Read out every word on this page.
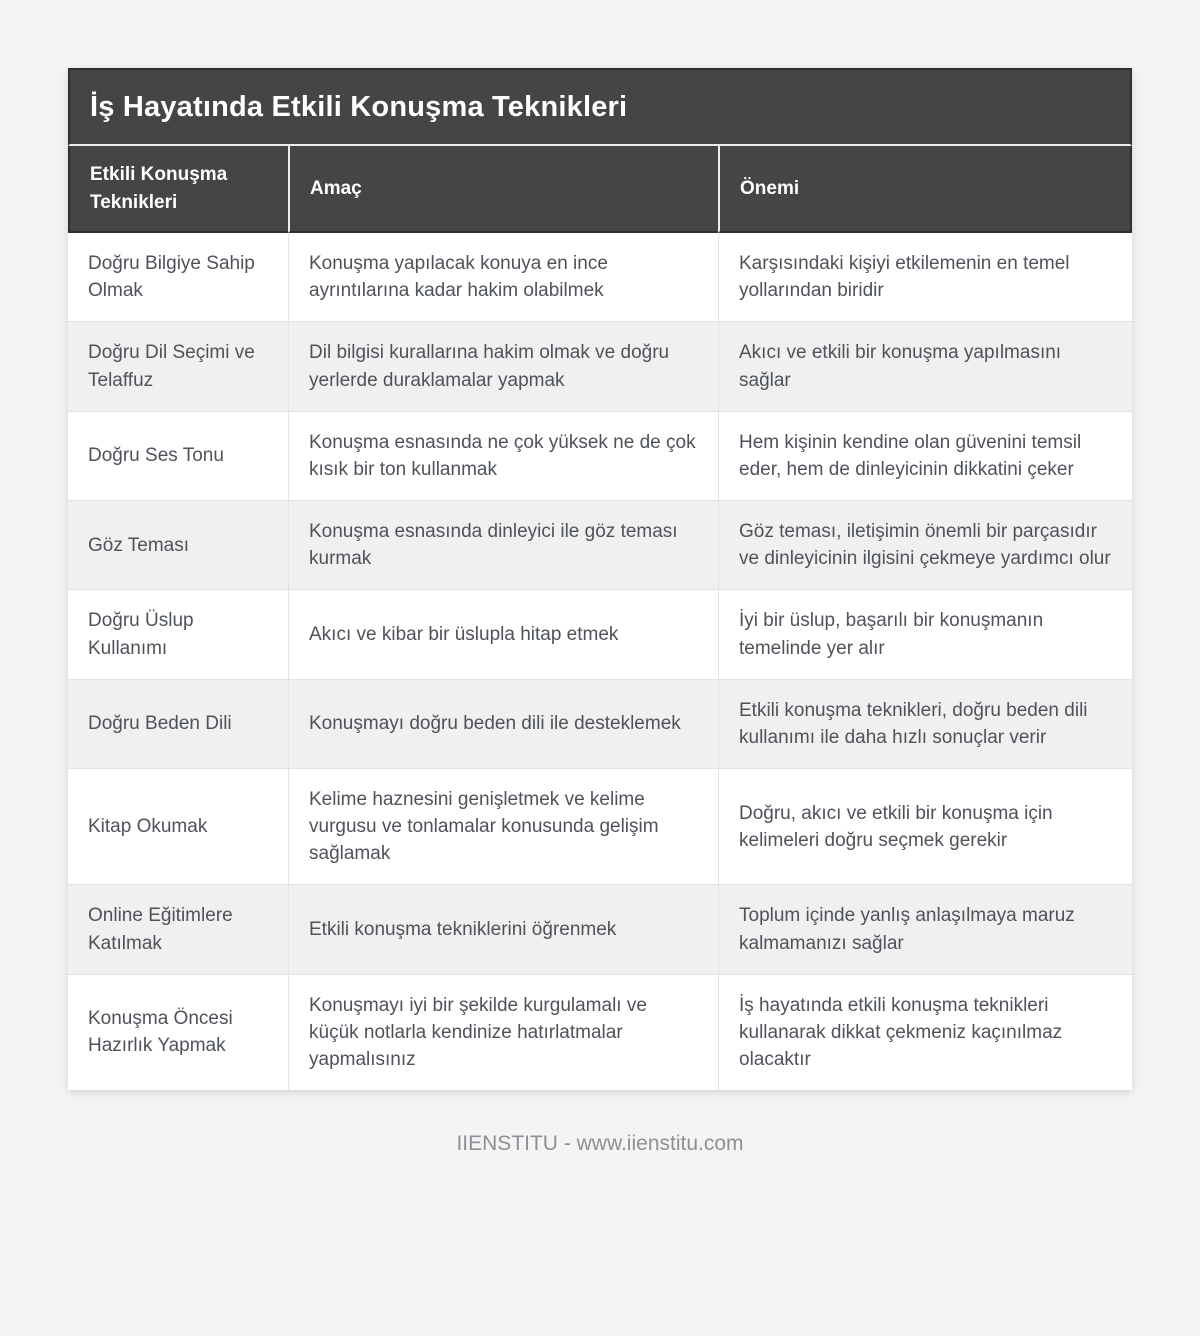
İş Hayatında Etkili Konuşma Teknikleri
Etkili Konuşma Teknikleri	Amaç	Önemi
Doğru Bilgiye Sahip Olmak	Konuşma yapılacak konuya en ince ayrıntılarına kadar hakim olabilmek	Karşısındaki kişiyi etkilemenin en temel yollarından biridir
Doğru Dil Seçimi ve Telaffuz	Dil bilgisi kurallarına hakim olmak ve doğru yerlerde duraklamalar yapmak	Akıcı ve etkili bir konuşma yapılmasını sağlar
Doğru Ses Tonu	Konuşma esnasında ne çok yüksek ne de çok kısık bir ton kullanmak	Hem kişinin kendine olan güvenini temsil eder, hem de dinleyicinin dikkatini çeker
Göz Teması	Konuşma esnasında dinleyici ile göz teması kurmak	Göz teması, iletişimin önemli bir parçasıdır ve dinleyicinin ilgisini çekmeye yardımcı olur
Doğru Üslup Kullanımı	Akıcı ve kibar bir üslupla hitap etmek	İyi bir üslup, başarılı bir konuşmanın temelinde yer alır
Doğru Beden Dili	Konuşmayı doğru beden dili ile desteklemek	Etkili konuşma teknikleri, doğru beden dili kullanımı ile daha hızlı sonuçlar verir
Kitap Okumak	Kelime haznesini genişletmek ve kelime vurgusu ve tonlamalar konusunda gelişim sağlamak	Doğru, akıcı ve etkili bir konuşma için kelimeleri doğru seçmek gerekir
Online Eğitimlere Katılmak	Etkili konuşma tekniklerini öğrenmek	Toplum içinde yanlış anlaşılmaya maruz kalmamanızı sağlar
Konuşma Öncesi Hazırlık Yapmak	Konuşmayı iyi bir şekilde kurgulamalı ve küçük notlarla kendinize hatırlatmalar yapmalısınız	İş hayatında etkili konuşma teknikleri kullanarak dikkat çekmeniz kaçınılmaz olacaktır
IIENSTITU - www.iienstitu.com
